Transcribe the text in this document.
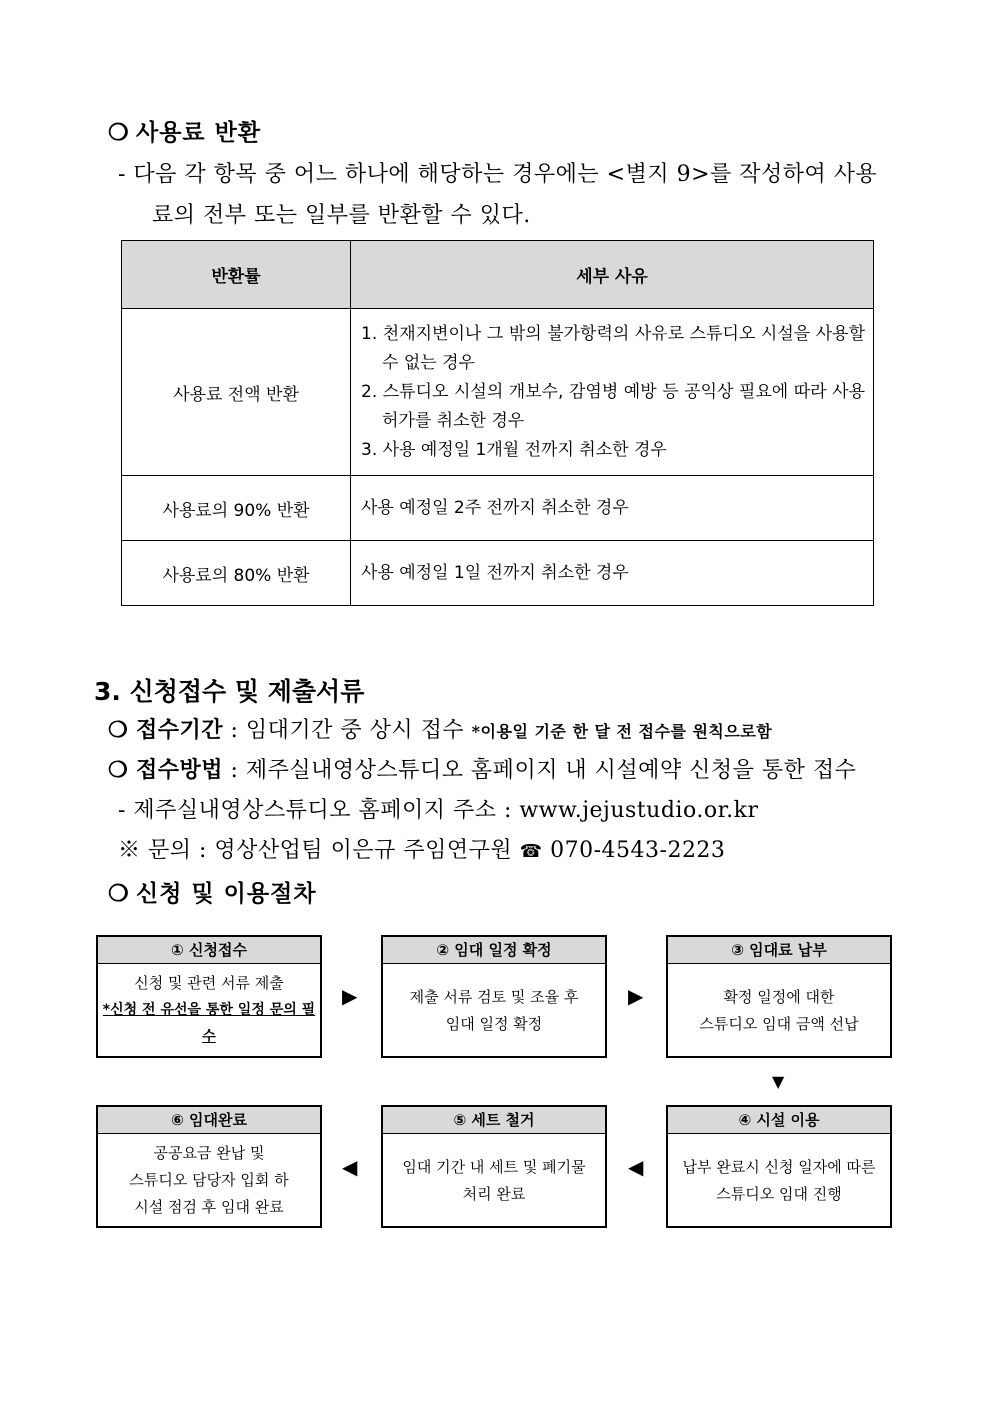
❍ 사용료 반환
- 다음 각 항목 중 어느 하나에 해당하는 경우에는 <별지 9>를 작성하여 사용
료의 전부 또는 일부를 반환할 수 있다.
반환률	세부 사유
사용료 전액 반환	1. 천재지변이나 그 밖의 불가항력의 사유로 스튜디오 시설을 사용할 수 없는 경우
2. 스튜디오 시설의 개보수, 감염병 예방 등 공익상 필요에 따라 사용 허가를 취소한 경우
3. 사용 예정일 1개월 전까지 취소한 경우

사용료의 90% 반환	사용 예정일 2주 전까지 취소한 경우
사용료의 80% 반환	사용 예정일 1일 전까지 취소한 경우
3. 신청접수 및 제출서류
❍ 접수기간 : 임대기간 중 상시 접수 *이용일 기준 한 달 전 접수를 원칙으로함
❍ 접수방법 : 제주실내영상스튜디오 홈페이지 내 시설예약 신청을 통한 접수
- 제주실내영상스튜디오 홈페이지 주소 : www.jejustudio.or.kr
※ 문의 : 영상산업팀 이은규 주임연구원 ☎ 070-4543-2223
❍ 신청 및 이용절차
① 신청접수
신청 및 관련 서류 제출
*신청 전 유선을 통한 일정 문의 필수
▶
② 임대 일정 확정
제출 서류 검토 및 조율 후
임대 일정 확정
▶
③ 임대료 납부
확정 일정에 대한
스튜디오 임대 금액 선납
▼
⑥ 임대완료
공공요금 완납 및
스튜디오 담당자 입회 하
시설 점검 후 임대 완료
◀
⑤ 세트 철거
임대 기간 내 세트 및 폐기물
처리 완료
◀
④ 시설 이용
납부 완료시 신청 일자에 따른
스튜디오 임대 진행
